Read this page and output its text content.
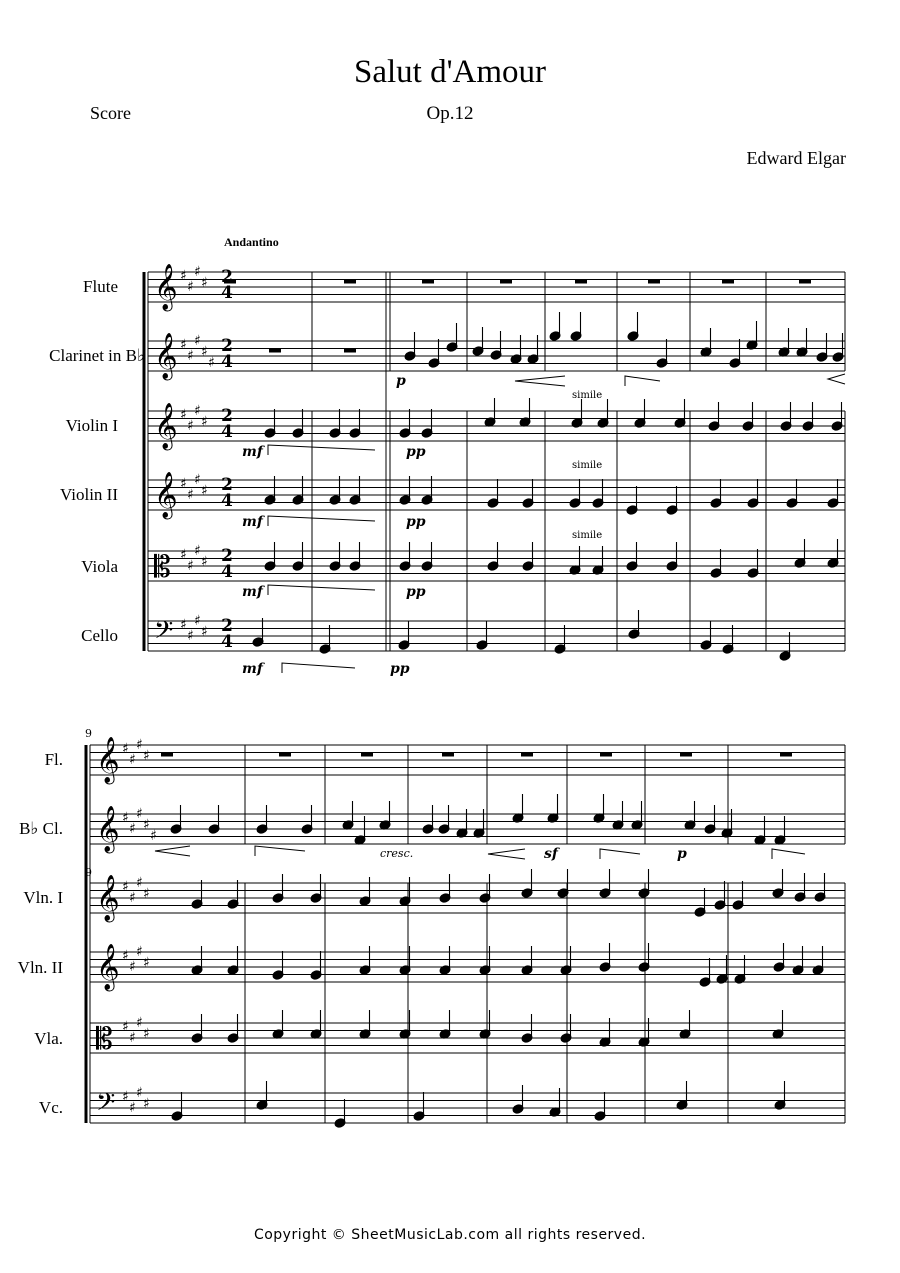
Salut d'Amour
Op.12
Score
Edward Elgar
Andantino
Flute
Clarinet in B♭
Violin I
Violin II
Viola
Cello
Fl.
B♭ Cl.
Vln. I
Vln. II
Vla.
Vc.
𝄞 ♯
♯
♯
♯
𝄞 ♯
♯
♯
♯
♯
𝄞 ♯
♯
♯
♯
𝄞 ♯
♯
♯
♯
𝄡 ♯
♯
♯
♯
𝄢 ♯
♯
♯
♯
𝄞 ♯
♯
♯
♯
𝄞 ♯
♯
♯
♯
♯
𝄞 ♯
♯
♯
♯
𝄞 ♯
♯
♯
♯
𝄡 ♯
♯
♯
♯
𝄢 ♯
♯
♯
♯
2
4
2
4
2
4
2
4
2
4
2
4
p
mf	pp
mf	pp
mf	pp
mf	pp
simile
simile
simile
9
9
cresc.	sf	p
Copyright © SheetMusicLab.com all rights reserved.
